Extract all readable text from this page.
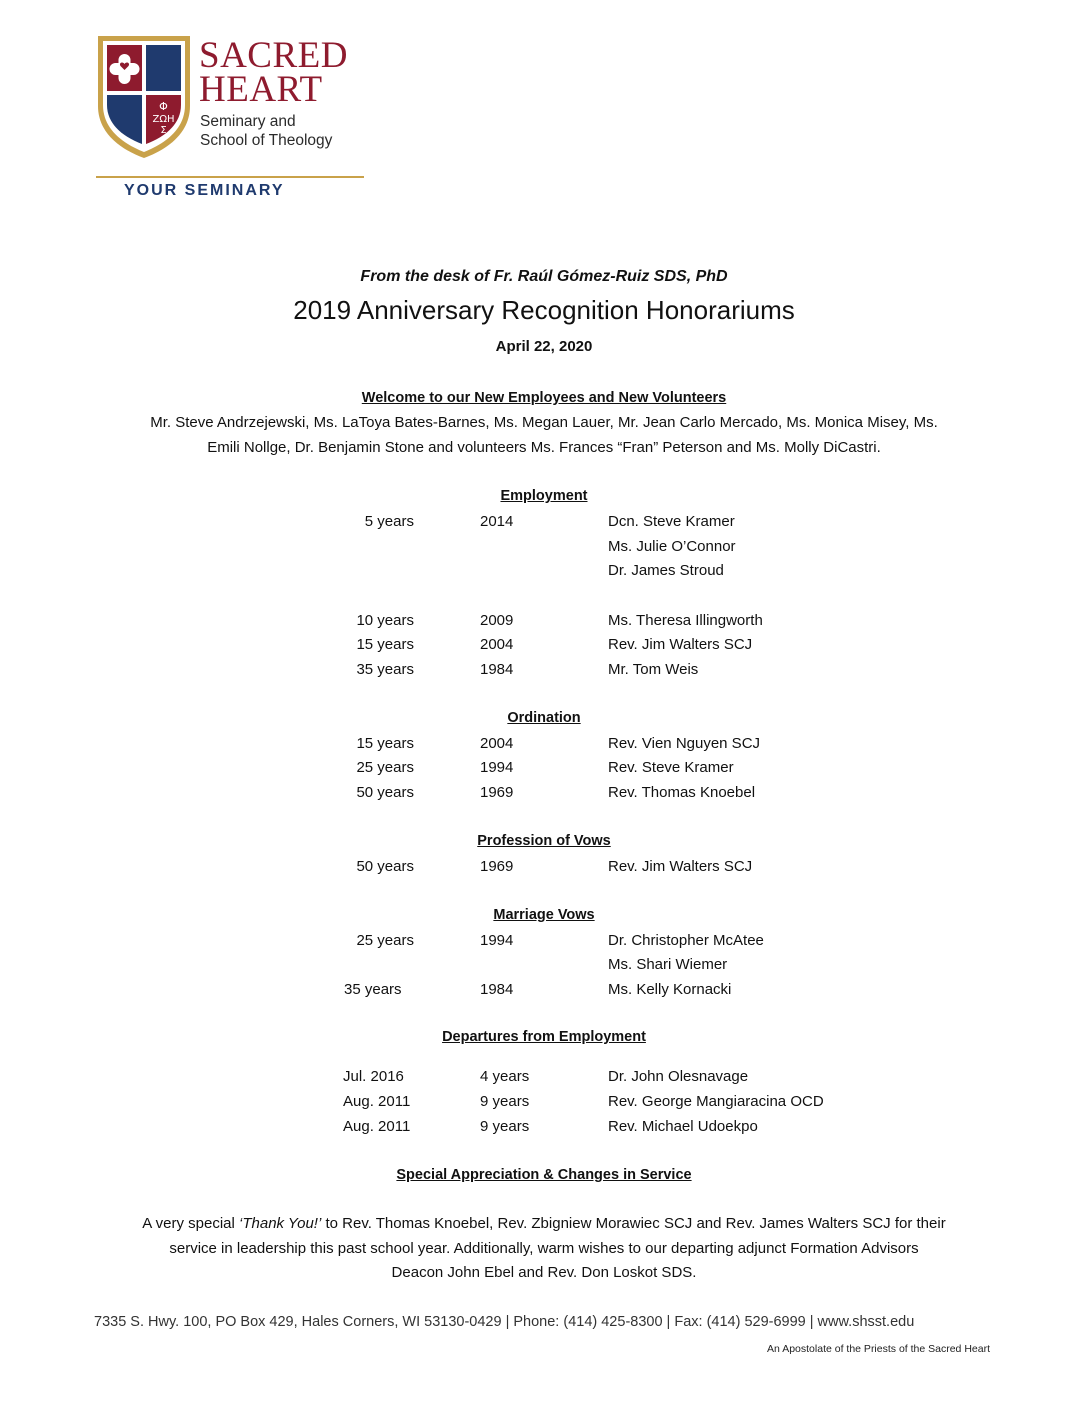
Φ
ΖΩΗ
Σ
SACRED
HEART
Seminary and
School of Theology
YOUR SEMINARY
From the desk of Fr. Raúl Gómez-Ruiz SDS, PhD
2019 Anniversary Recognition Honorariums
April 22, 2020
Welcome to our New Employees and New Volunteers
Mr. Steve Andrzejewski, Ms. LaToya Bates-Barnes, Ms. Megan Lauer, Mr. Jean Carlo Mercado, Ms. Monica Misey, Ms.
Emili Nollge, Dr. Benjamin Stone and volunteers Ms. Frances “Fran” Peterson and Ms. Molly DiCastri.
Employment
5 years	2014	Dcn. Steve Kramer
Ms. Julie O’Connor
Dr. James Stroud
10 years	2009	Ms. Theresa Illingworth
15 years	2004	Rev. Jim Walters SCJ
35 years	1984	Mr. Tom Weis
Ordination
15 years	2004	Rev. Vien Nguyen SCJ
25 years	1994	Rev. Steve Kramer
50 years	1969	Rev. Thomas Knoebel
Profession of Vows
50 years	1969	Rev. Jim Walters SCJ
Marriage Vows
25 years	1994	Dr. Christopher McAtee
Ms. Shari Wiemer
35 years	1984	Ms. Kelly Kornacki
Departures from Employment
Jul. 2016	4 years	Dr. John Olesnavage
Aug. 2011	9 years	Rev. George Mangiaracina OCD
Aug. 2011	9 years	Rev. Michael Udoekpo
Special Appreciation & Changes in Service
A very special ‘Thank You!’ to Rev. Thomas Knoebel, Rev. Zbigniew Morawiec SCJ and Rev. James Walters SCJ for their
service in leadership this past school year. Additionally, warm wishes to our departing adjunct Formation Advisors
Deacon John Ebel and Rev. Don Loskot SDS.
7335 S. Hwy. 100, PO Box 429, Hales Corners, WI 53130-0429 | Phone: (414) 425-8300 | Fax: (414) 529-6999 | www.shsst.edu
An Apostolate of the Priests of the Sacred Heart
